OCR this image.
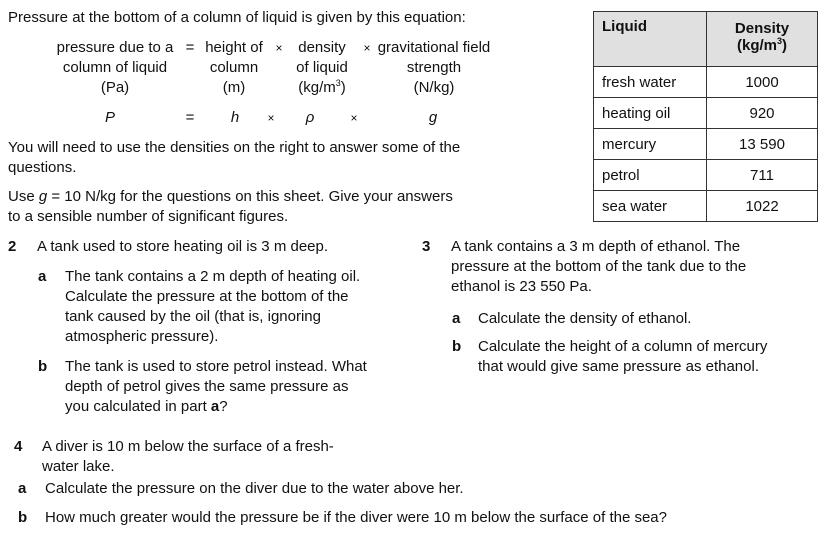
Pressure at the bottom of a column of liquid is given by this equation:
pressure due to a
column of liquid
(Pa)
= height of
column
(m)
×	density
of liquid
$(kg/m^3)$
× gravitational field
strength
(N/kg)
P	=	h	×	ρ	×	g
You will need to use the densities on the right to answer some of the
questions.
Use g = 10 N/kg for the questions on this sheet. Give your answers
to a sensible number of significant figures.
Liquid	Density
$(kg/m^3)$

fresh water	1000
heating oil	920
mercury	13 590
petrol	711
sea water	1022
2 A tank used to store heating oil is 3 m deep.
a The tank contains a 2 m depth of heating oil.
Calculate the pressure at the bottom of the
tank caused by the oil (that is, ignoring
atmospheric pressure).
b The tank is used to store petrol instead. What
depth of petrol gives the same pressure as
you calculated in part a?
3 A tank contains a 3 m depth of ethanol. The
pressure at the bottom of the tank due to the
ethanol is 23 550 Pa.
a Calculate the density of ethanol.
b Calculate the height of a column of mercury
that would give same pressure as ethanol.
4 A diver is 10 m below the surface of a fresh-
water lake.
a Calculate the pressure on the diver due to the water above her.
b How much greater would the pressure be if the diver were 10 m below the surface of the sea?
